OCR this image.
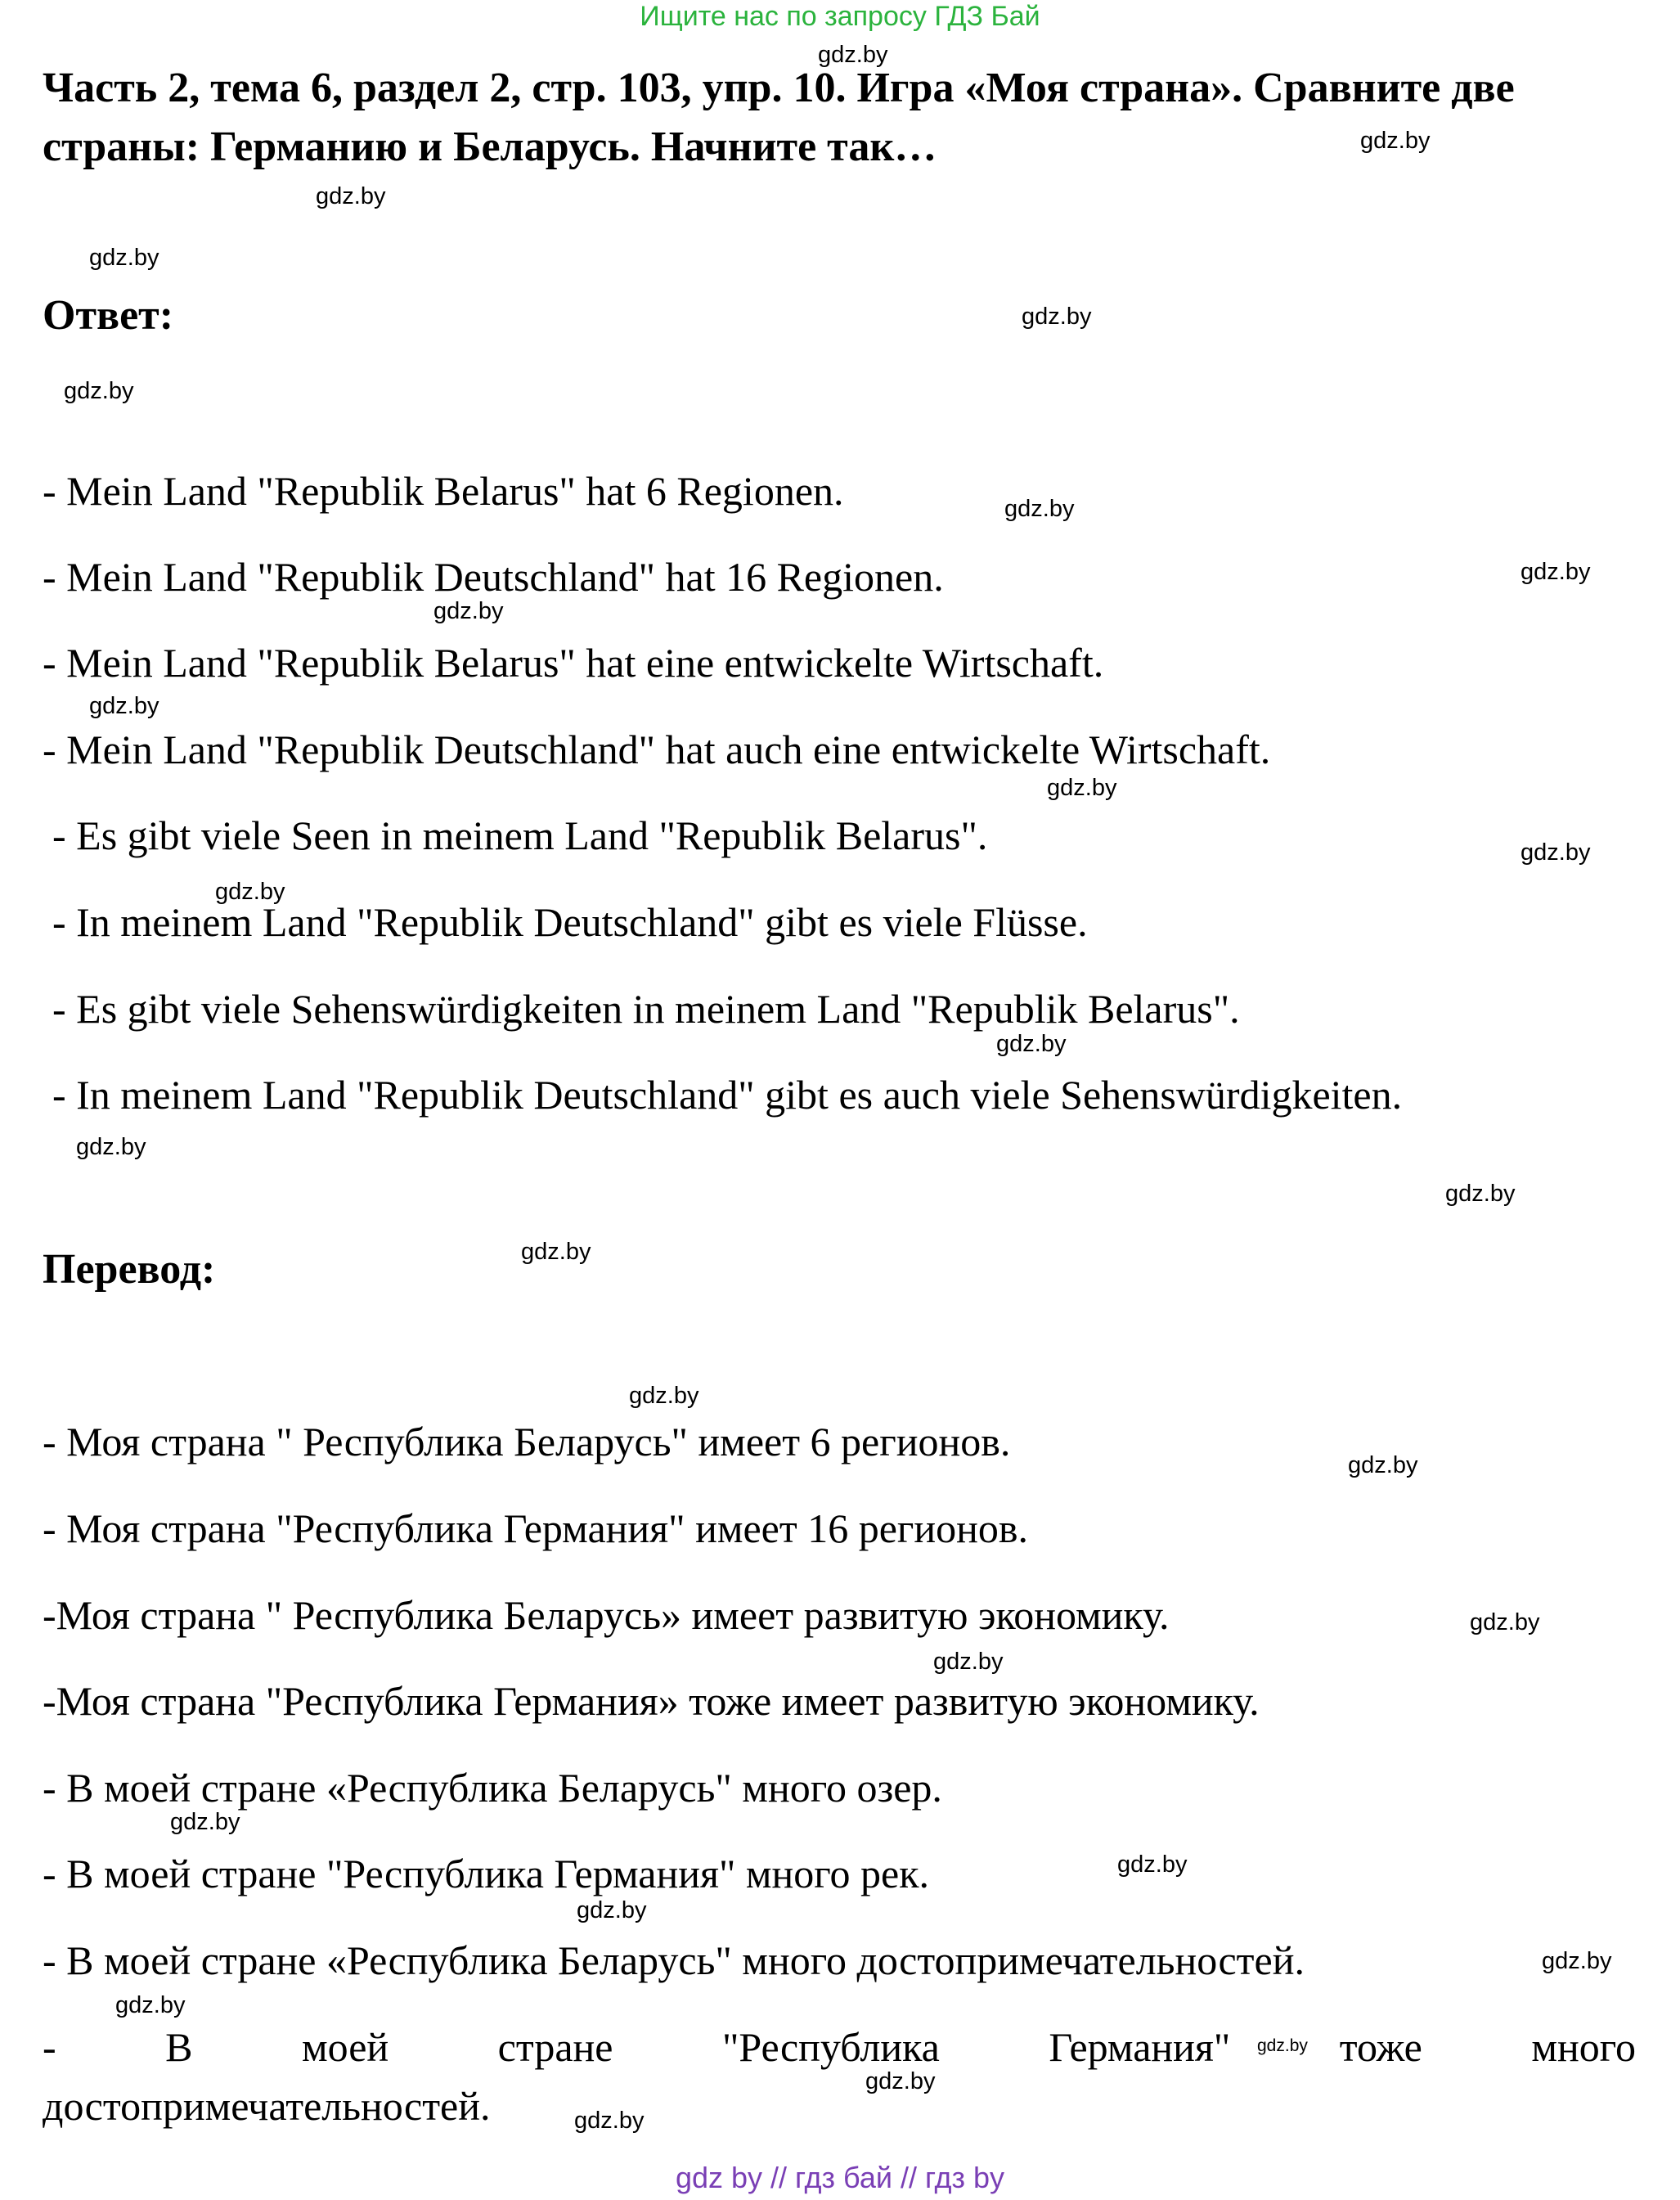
Ищите нас по запросу ГДЗ Бай
Часть 2, тема 6, раздел 2, стр. 103, упр. 10. Игра «Моя страна». Сравните две страны: Германию и Беларусь. Начните так…
Ответ:
- Mein Land "Republik Belarus" hat 6 Regionen.
- Mein Land "Republik Deutschland" hat 16 Regionen.
- Mein Land "Republik Belarus" hat eine entwickelte Wirtschaft.
- Mein Land "Republik Deutschland" hat auch eine entwickelte Wirtschaft.
- Es gibt viele Seen in meinem Land "Republik Belarus".
- In meinem Land "Republik Deutschland" gibt es viele Flüsse.
- Es gibt viele Sehenswürdigkeiten in meinem Land "Republik Belarus".
- In meinem Land "Republik Deutschland" gibt es auch viele Sehenswürdigkeiten.
Перевод:
- Моя страна " Республика Беларусь" имеет 6 регионов.
- Моя страна "Республика Германия" имеет 16 регионов.
-Моя страна " Республика Беларусь» имеет развитую экономику.
-Моя страна "Республика Германия» тоже имеет развитую экономику.
- В моей стране «Республика Беларусь" много озер.
- В моей стране "Республика Германия" много рек.
- В моей стране «Республика Беларусь" много достопримечательностей.
-	В	моей	стране	"Республика	Германия"	тоже	много
достопримечательностей.
gdz.by
gdz.by
gdz.by
gdz.by
gdz.by
gdz.by
gdz.by
gdz.by
gdz.by
gdz.by
gdz.by
gdz.by
gdz.by
gdz.by
gdz.by
gdz.by
gdz.by
gdz.by
gdz.by
gdz.by
gdz.by
gdz.by
gdz.by
gdz.by
gdz.by
gdz.by
gdz.by
gdz.by
gdz.by
gdz by // гдз бай // гдз by
